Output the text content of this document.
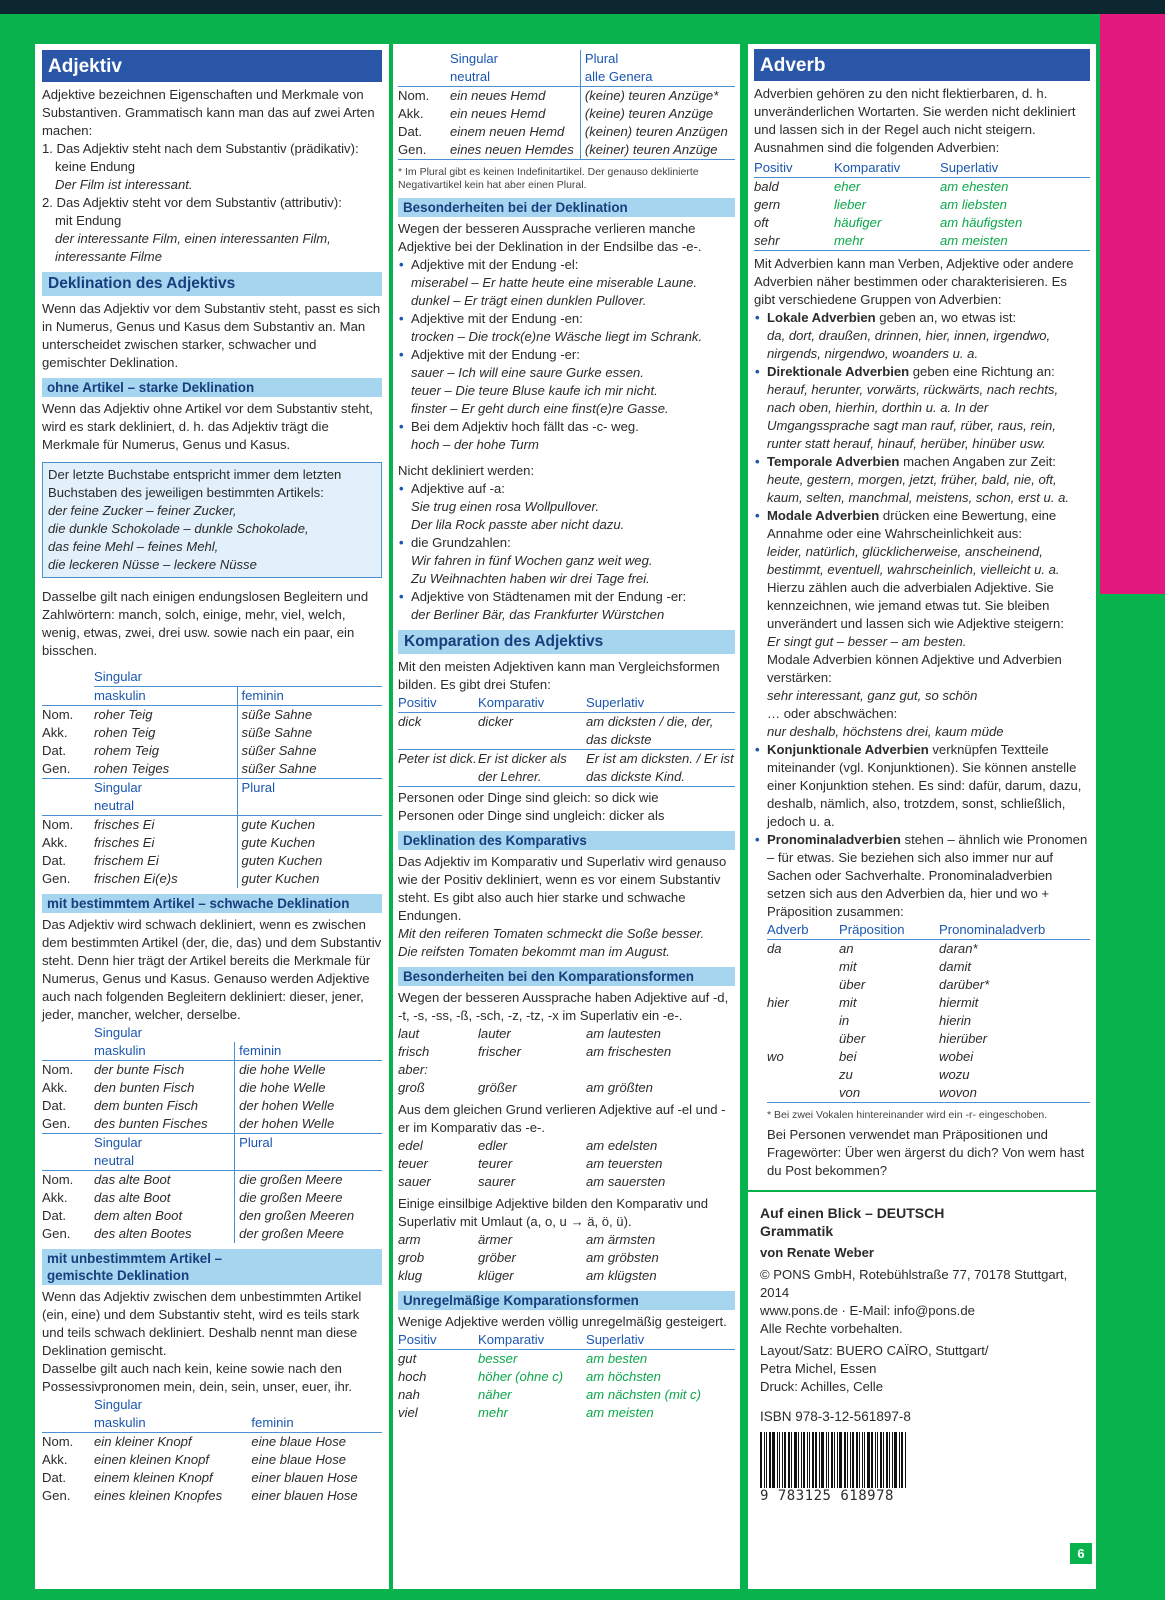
Adjektiv

Adjektive bezeichnen Eigenschaften und Merkmale von Substantiven. Grammatisch kann man das auf zwei Arten machen:

1. Das Adjektiv steht nach dem Substantiv (prädikativ):

keine Endung

Der Film ist interessant.

2. Das Adjektiv steht vor dem Substantiv (attributiv):

mit Endung

der interessante Film, einen interessanten Film, interessante Filme

Deklination des Adjektivs

Wenn das Adjektiv vor dem Substantiv steht, passt es sich in Numerus, Genus und Kasus dem Substantiv an. Man unterscheidet zwischen starker, schwacher und gemischter Deklination.

ohne Artikel – starke Deklination

Wenn das Adjektiv ohne Artikel vor dem Substantiv steht, wird es stark dekliniert, d. h. das Adjektiv trägt die Merkmale für Numerus, Genus und Kasus.

Der letzte Buchstabe entspricht immer dem letzten Buchstaben des jeweiligen bestimmten Artikels:

der feine Zucker – feiner Zucker,

die dunkle Schokolade – dunkle Schokolade,

das feine Mehl – feines Mehl,

die leckeren Nüsse – leckere Nüsse

Dasselbe gilt nach einigen endungslosen Begleitern und Zahlwörtern: manch, solch, einige, mehr, viel, welch, wenig, etwas, zwei, drei usw. sowie nach ein paar, ein bisschen.

	Singular	
	maskulin	feminin
Nom.	roher Teig	süße Sahne
Akk.	rohen Teig	süße Sahne
Dat.	rohem Teig	süßer Sahne
Gen.	rohen Teiges	süßer Sahne
	Singular	Plural
	neutral	
Nom.	frisches Ei	gute Kuchen
Akk.	frisches Ei	gute Kuchen
Dat.	frischem Ei	guten Kuchen
Gen.	frischen Ei(e)s	guter Kuchen
mit bestimmtem Artikel – schwache Deklination

Das Adjektiv wird schwach dekliniert, wenn es zwischen dem bestimmten Artikel (der, die, das) und dem Substantiv steht. Denn hier trägt der Artikel bereits die Merkmale für Numerus, Genus und Kasus. Genauso werden Adjektive auch nach folgenden Begleitern dekliniert: dieser, jener, jeder, mancher, welcher, derselbe.

	Singular	
	maskulin	feminin
Nom.	der bunte Fisch	die hohe Welle
Akk.	den bunten Fisch	die hohe Welle
Dat.	dem bunten Fisch	der hohen Welle
Gen.	des bunten Fisches	der hohen Welle
	Singular	Plural
	neutral	
Nom.	das alte Boot	die großen Meere
Akk.	das alte Boot	die großen Meere
Dat.	dem alten Boot	den großen Meeren
Gen.	des alten Bootes	der großen Meere
mit unbestimmtem Artikel –
gemischte Deklination

Wenn das Adjektiv zwischen dem unbestimmten Artikel (ein, eine) und dem Substantiv steht, wird es teils stark und teils schwach dekliniert. Deshalb nennt man diese Deklination gemischt.

Dasselbe gilt auch nach kein, keine sowie nach den Possessivpronomen mein, dein, sein, unser, euer, ihr.

	Singular	
	maskulin	feminin
Nom.	ein kleiner Knopf	eine blaue Hose
Akk.	einen kleinen Knopf	eine blaue Hose
Dat.	einem kleinen Knopf	einer blauen Hose
Gen.	eines kleinen Knopfes	einer blauen Hose
	Singular	Plural
	neutral	alle Genera
Nom.	ein neues Hemd	(keine) teuren Anzüge*
Akk.	ein neues Hemd	(keine) teuren Anzüge
Dat.	einem neuen Hemd	(keinen) teuren Anzügen
Gen.	eines neuen Hemdes	(keiner) teuren Anzüge

* Im Plural gibt es keinen Indefinitartikel. Der genauso deklinierte Negativartikel kein hat aber einen Plural.

Besonderheiten bei der Deklination

Wegen der besseren Aussprache verlieren manche Adjektive bei der Deklination in der Endsilbe das -e-.

• Adjektive mit der Endung -el:
miserabel – Er hatte heute eine miserable Laune.
dunkel – Er trägt einen dunklen Pullover.
• Adjektive mit der Endung -en:
trocken – Die trock(e)ne Wäsche liegt im Schrank.
• Adjektive mit der Endung -er:
sauer – Ich will eine saure Gurke essen.
teuer – Die teure Bluse kaufe ich mir nicht.
finster – Er geht durch eine finst(e)re Gasse.
• Bei dem Adjektiv hoch fällt das -c- weg.
hoch – der hohe Turm

Nicht dekliniert werden:

• Adjektive auf -a:
Sie trug einen rosa Wollpullover.
Der lila Rock passte aber nicht dazu.
• die Grundzahlen:
Wir fahren in fünf Wochen ganz weit weg.
Zu Weihnachten haben wir drei Tage frei.
• Adjektive von Städtenamen mit der Endung -er:
der Berliner Bär, das Frankfurter Würstchen
Komparation des Adjektivs

Mit den meisten Adjektiven kann man Vergleichsformen bilden. Es gibt drei Stufen:

Positiv	Komparativ	Superlativ
dick	dicker	am dicksten / die, der, das dickste
Peter ist dick.	Er ist dicker als der Lehrer.	Er ist am dicksten. / Er ist das dickste Kind.

Personen oder Dinge sind gleich: so dick wie

Personen oder Dinge sind ungleich: dicker als

Deklination des Komparativs

Das Adjektiv im Komparativ und Superlativ wird genauso wie der Positiv dekliniert, wenn es vor einem Substantiv steht. Es gibt also auch hier starke und schwache Endungen.

Mit den reiferen Tomaten schmeckt die Soße besser.

Die reifsten Tomaten bekommt man im August.

Besonderheiten bei den Komparationsformen

Wegen der besseren Aussprache haben Adjektive auf -d, -t, -s, -ss, -ß, -sch, -z, -tz, -x im Superlativ ein -e-.

laut	lauter	am lautesten
frisch	frischer	am frischesten
aber:		
groß	größer	am größten

Aus dem gleichen Grund verlieren Adjektive auf -el und -er im Komparativ das -e-.

edel	edler	am edelsten
teuer	teurer	am teuersten
sauer	saurer	am sauersten

Einige einsilbige Adjektive bilden den Komparativ und Superlativ mit Umlaut (a, o, u → ä, ö, ü).

arm	ärmer	am ärmsten
grob	gröber	am gröbsten
klug	klüger	am klügsten
Unregelmäßige Komparationsformen

Wenige Adjektive werden völlig unregelmäßig gesteigert.

Positiv	Komparativ	Superlativ
gut	besser	am besten
hoch	höher (ohne c)	am höchsten
nah	näher	am nächsten (mit c)
viel	mehr	am meisten
Adverb

Adverbien gehören zu den nicht flektierbaren, d. h. unveränderlichen Wortarten. Sie werden nicht dekliniert und lassen sich in der Regel auch nicht steigern. Ausnahmen sind die folgenden Adverbien:

Positiv	Komparativ	Superlativ
bald	eher	am ehesten
gern	lieber	am liebsten
oft	häufiger	am häufigsten
sehr	mehr	am meisten

Mit Adverbien kann man Verben, Adjektive oder andere Adverbien näher bestimmen oder charakterisieren. Es gibt verschiedene Gruppen von Adverbien:

• Lokale Adverbien geben an, wo etwas ist:
da, dort, draußen, drinnen, hier, innen, irgendwo, nirgends, nirgendwo, woanders u. a.
• Direktionale Adverbien geben eine Richtung an:
herauf, herunter, vorwärts, rückwärts, nach rechts, nach oben, hierhin, dorthin u. a. In der Umgangssprache sagt man rauf, rüber, raus, rein, runter statt herauf, hinauf, herüber, hinüber usw.
• Temporale Adverbien machen Angaben zur Zeit:
heute, gestern, morgen, jetzt, früher, bald, nie, oft, kaum, selten, manchmal, meistens, schon, erst u. a.
• Modale Adverbien drücken eine Bewertung, eine Annahme oder eine Wahrscheinlichkeit aus:
leider, natürlich, glücklicherweise, anscheinend, bestimmt, eventuell, wahrscheinlich, vielleicht u. a.
Hierzu zählen auch die adverbialen Adjektive. Sie kennzeichnen, wie jemand etwas tut. Sie bleiben unverändert und lassen sich wie Adjektive steigern:
Er singt gut – besser – am besten.
Modale Adverbien können Adjektive und Adverbien verstärken:
sehr interessant, ganz gut, so schön
… oder abschwächen:
nur deshalb, höchstens drei, kaum müde
• Konjunktionale Adverbien verknüpfen Textteile miteinander (vgl. Konjunktionen). Sie können anstelle einer Konjunktion stehen. Es sind: dafür, darum, dazu, deshalb, nämlich, also, trotzdem, sonst, schließlich, jedoch u. a.
• Pronominaladverbien stehen – ähnlich wie Pronomen – für etwas. Sie beziehen sich also immer nur auf Sachen oder Sachverhalte. Pronominaladverbien setzen sich aus den Adverbien da, hier und wo + Präposition zusammen:
Adverb	Präposition	Pronominaladverb
da	an	daran*
	mit	damit
	über	darüber*
hier	mit	hiermit
	in	hierin
	über	hierüber
wo	bei	wobei
	zu	wozu
	von	wovon

* Bei zwei Vokalen hintereinander wird ein -r- eingeschoben.

Bei Personen verwendet man Präpositionen und Fragewörter: Über wen ärgerst du dich? Von wem hast du Post bekommen?

Auf einen Blick – DEUTSCH

Grammatik

von Renate Weber

© PONS GmbH, Rotebühlstraße 77, 70178 Stuttgart, 2014

www.pons.de · E-Mail: info@pons.de

Alle Rechte vorbehalten.

Layout/Satz: BUERO CAÏRO, Stuttgart/

Petra Michel, Essen

Druck: Achilles, Celle

ISBN 978-3-12-561897-8

9 783125 618978
6
